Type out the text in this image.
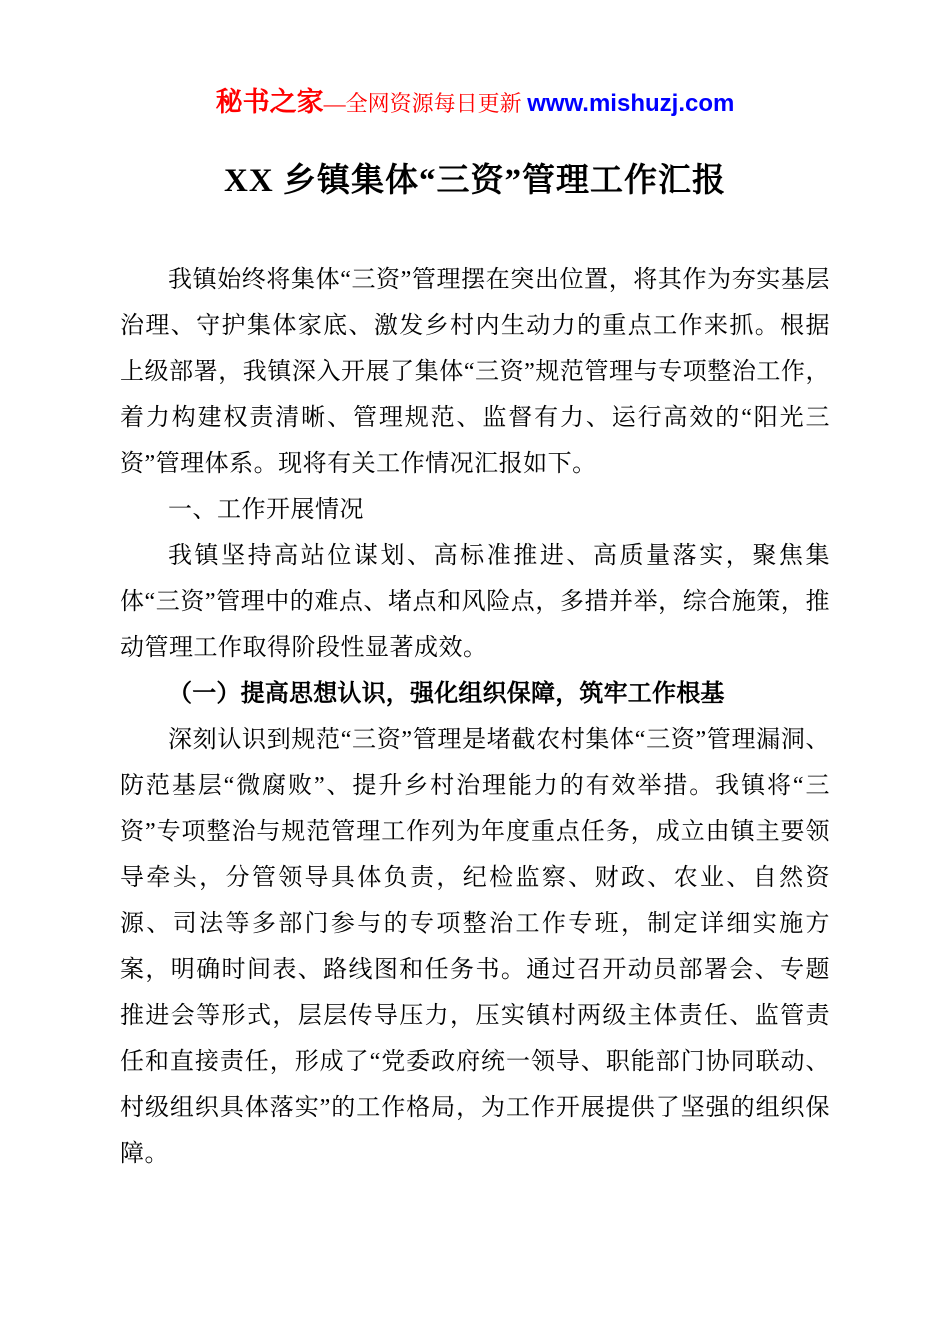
秘书之家—全网资源每日更新 www.mishuzj.com
XX 乡镇集体“三资”管理工作汇报

我镇始终将集体“三资”管理摆在突出位置，将其作为夯实基层治理、守护集体家底、激发乡村内生动力的重点工作来抓。根据上级部署，我镇深入开展了集体“三资”规范管理与专项整治工作，着力构建权责清晰、管理规范、监督有力、运行高效的“阳光三资”管理体系。现将有关工作情况汇报如下。

一、工作开展情况

我镇坚持高站位谋划、高标准推进、高质量落实，聚焦集体“三资”管理中的难点、堵点和风险点，多措并举，综合施策，推动管理工作取得阶段性显著成效。

（一）提高思想认识，强化组织保障，筑牢工作根基

深刻认识到规范“三资”管理是堵截农村集体“三资”管理漏洞、防范基层“微腐败”、提升乡村治理能力的有效举措。我镇将“三资”专项整治与规范管理工作列为年度重点任务，成立由镇主要领导牵头，分管领导具体负责，纪检监察、财政、农业、自然资源、司法等多部门参与的专项整治工作专班，制定详细实施方案，明确时间表、路线图和任务书。通过召开动员部署会、专题推进会等形式，层层传导压力，压实镇村两级主体责任、监管责任和直接责任，形成了“党委政府统一领导、职能部门协同联动、村级组织具体落实”的工作格局，为工作开展提供了坚强的组织保障。
